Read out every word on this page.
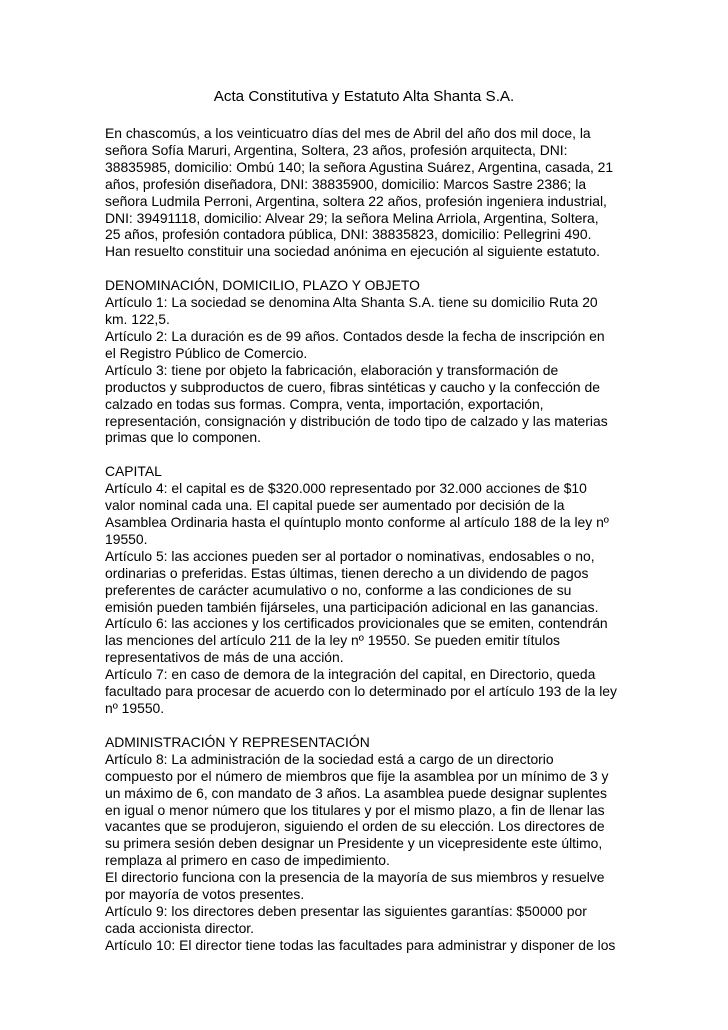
Acta Constitutiva y Estatuto Alta Shanta S.A.
En chascomús, a los veinticuatro días del mes de Abril del año dos mil doce, la
señora Sofía Maruri, Argentina, Soltera, 23 años, profesión arquitecta, DNI:
38835985, domicilio: Ombú 140; la señora Agustina Suárez, Argentina, casada, 21
años, profesión diseñadora, DNI: 38835900, domicilio: Marcos Sastre 2386; la
señora Ludmila Perroni, Argentina, soltera 22 años, profesión ingeniera industrial,
DNI: 39491118, domicilio: Alvear 29; la señora Melina Arriola, Argentina, Soltera,
25 años, profesión contadora pública, DNI: 38835823, domicilio: Pellegrini 490.
Han resuelto constituir una sociedad anónima en ejecución al siguiente estatuto.
DENOMINACIÓN, DOMICILIO, PLAZO Y OBJETO
Artículo 1: La sociedad se denomina Alta Shanta S.A. tiene su domicilio Ruta 20
km. 122,5.
Artículo 2: La duración es de 99 años. Contados desde la fecha de inscripción en
el Registro Público de Comercio.
Artículo 3: tiene por objeto la fabricación, elaboración y transformación de
productos y subproductos de cuero, fibras sintéticas y caucho y la confección de
calzado en todas sus formas. Compra, venta, importación, exportación,
representación, consignación y distribución de todo tipo de calzado y las materias
primas que lo componen.
CAPITAL
Artículo 4: el capital es de $320.000 representado por 32.000 acciones de $10
valor nominal cada una. El capital puede ser aumentado por decisión de la
Asamblea Ordinaria hasta el quíntuplo monto conforme al artículo 188 de la ley nº
19550.
Artículo 5: las acciones pueden ser al portador o nominativas, endosables o no,
ordinarias o preferidas. Estas últimas, tienen derecho a un dividendo de pagos
preferentes de carácter acumulativo o no, conforme a las condiciones de su
emisión pueden también fijárseles, una participación adicional en las ganancias.
Artículo 6: las acciones y los certificados provicionales que se emiten, contendrán
las menciones del artículo 211 de la ley nº 19550. Se pueden emitir títulos
representativos de más de una acción.
Artículo 7: en caso de demora de la integración del capital, en Directorio, queda
facultado para procesar de acuerdo con lo determinado por el artículo 193 de la ley
nº 19550.
ADMINISTRACIÓN Y REPRESENTACIÓN
Artículo 8: La administración de la sociedad está a cargo de un directorio
compuesto por el número de miembros que fije la asamblea por un mínimo de 3 y
un máximo de 6, con mandato de 3 años. La asamblea puede designar suplentes
en igual o menor número que los titulares y por el mismo plazo, a fin de llenar las
vacantes que se produjeron, siguiendo el orden de su elección. Los directores de
su primera sesión deben designar un Presidente y un vicepresidente este último,
remplaza al primero en caso de impedimiento.
El directorio funciona con la presencia de la mayoría de sus miembros y resuelve
por mayoría de votos presentes.
Artículo 9: los directores deben presentar las siguientes garantías: $50000 por
cada accionista director.
Artículo 10: El director tiene todas las facultades para administrar y disponer de los
